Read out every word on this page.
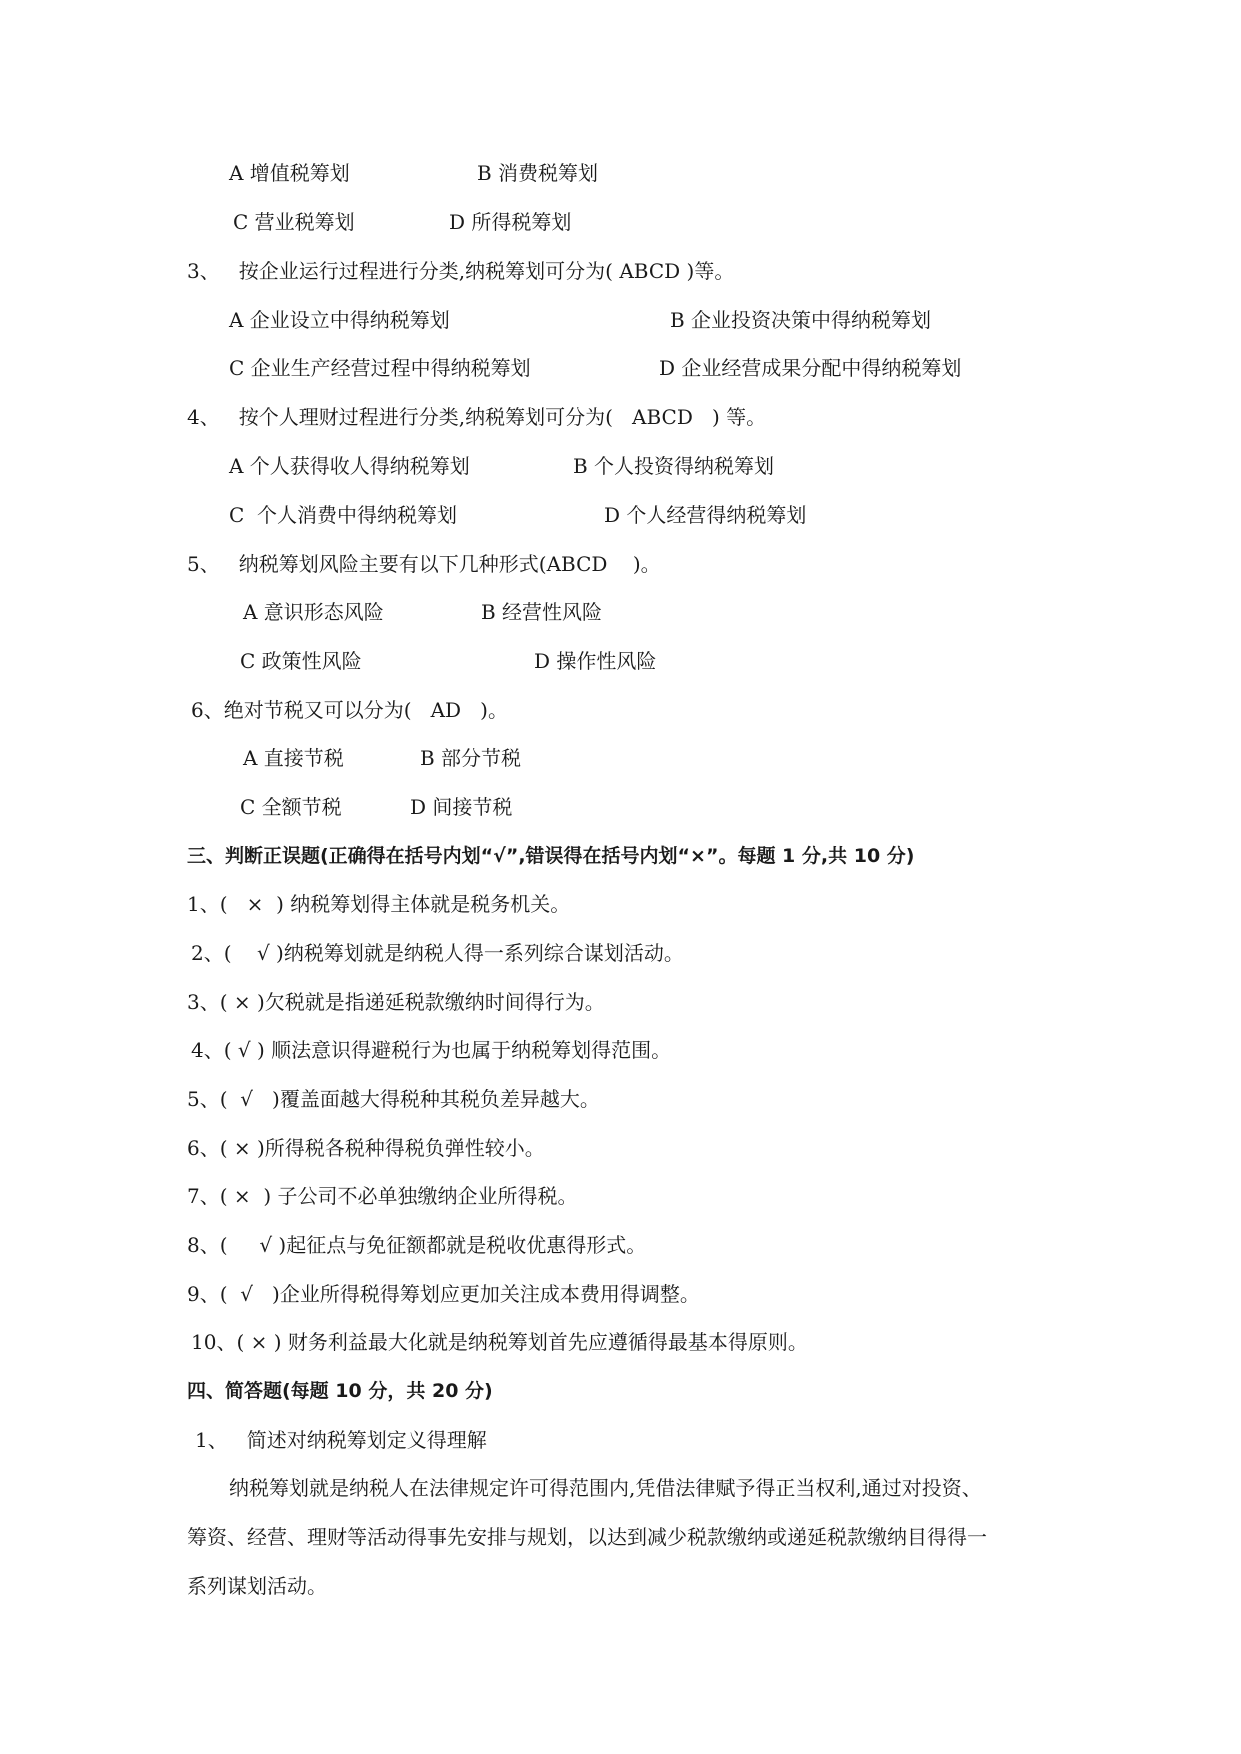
A 增值税筹划	B 消费税筹划
C 营业税筹划	D 所得税筹划
3、   按企业运行过程进行分类,纳税筹划可分为( ABCD )等。
A 企业设立中得纳税筹划	B 企业投资决策中得纳税筹划
C 企业生产经营过程中得纳税筹划	D 企业经营成果分配中得纳税筹划
4、   按个人理财过程进行分类,纳税筹划可分为(   ABCD   ) 等。
A 个人获得收人得纳税筹划	B 个人投资得纳税筹划
C  个人消费中得纳税筹划	D 个人经营得纳税筹划
5、   纳税筹划风险主要有以下几种形式(ABCD    )。
A 意识形态风险	B 经营性风险
C 政策性风险	D 操作性风险
6、绝对节税又可以分为(   AD   )。
A 直接节税	B 部分节税
C 全额节税	D 间接节税
三、判断正误题(正确得在括号内划“√”,错误得在括号内划“×”。每题 1 分,共 10 分)
1、(   ×  ) 纳税筹划得主体就是税务机关。
2、(    √ )纳税筹划就是纳税人得一系列综合谋划活动。
3、( × )欠税就是指递延税款缴纳时间得行为。
4、( √ ) 顺法意识得避税行为也属于纳税筹划得范围。
5、(  √   )覆盖面越大得税种其税负差异越大。
6、( × )所得税各税种得税负弹性较小。
7、( ×  ) 子公司不必单独缴纳企业所得税。
8、(     √ )起征点与免征额都就是税收优惠得形式。
9、(  √   )企业所得税得筹划应更加关注成本费用得调整。
10、( × ) 财务利益最大化就是纳税筹划首先应遵循得最基本得原则。
四、简答题(每题 10 分，共 20 分)
1、   简述对纳税筹划定义得理解
纳税筹划就是纳税人在法律规定许可得范围内,凭借法律赋予得正当权利,通过对投资、
筹资、经营、理财等活动得事先安排与规划，以达到减少税款缴纳或递延税款缴纳目得得一
系列谋划活动。
